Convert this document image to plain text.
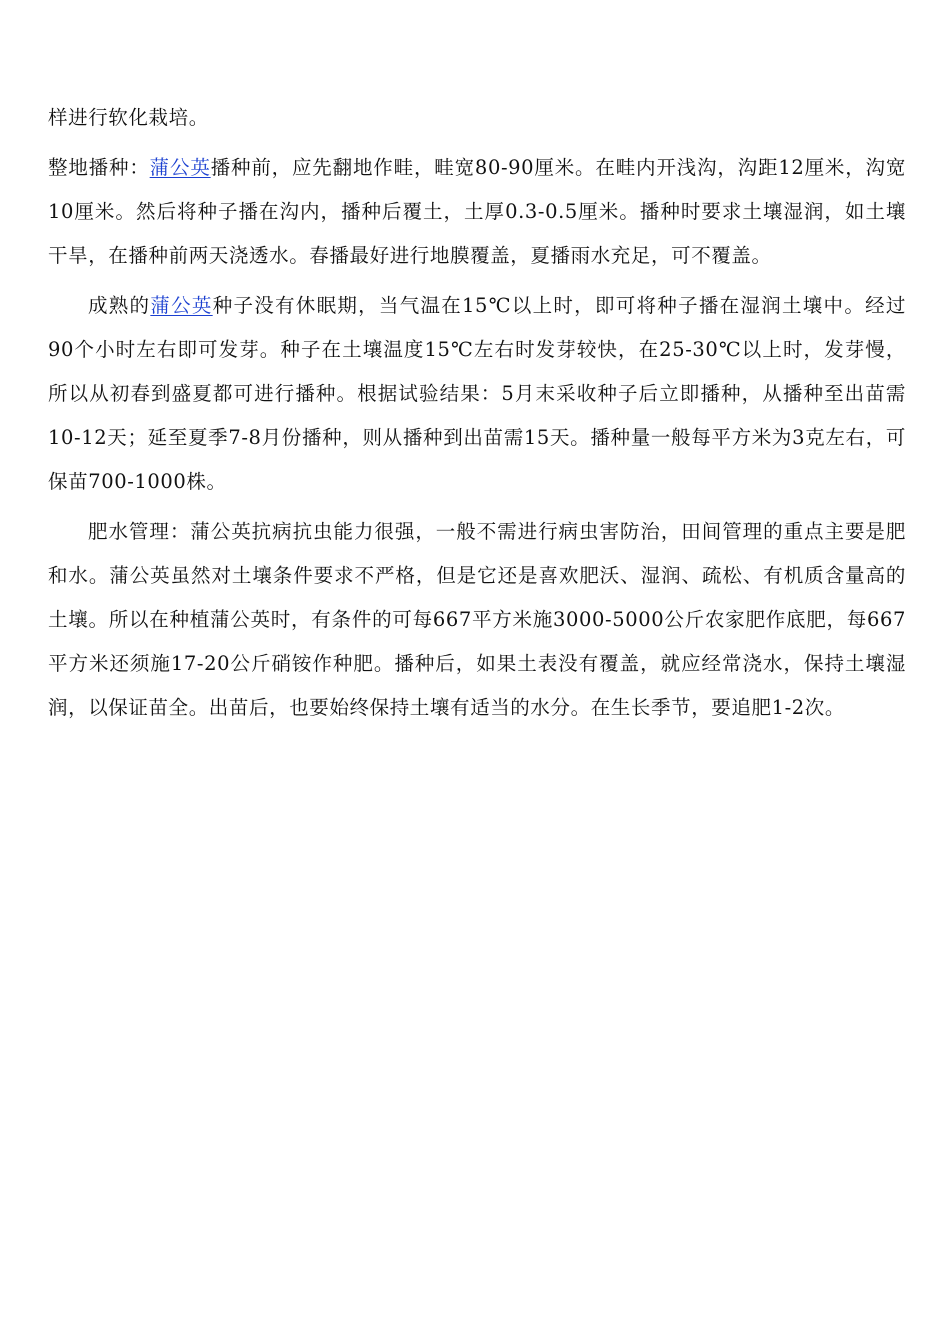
样进行软化栽培。

整地播种：蒲公英播种前，应先翻地作畦，畦宽80-90厘米。在畦内开浅沟，沟距12厘米，沟宽10厘米。然后将种子播在沟内，播种后覆土，土厚0.3-0.5厘米。播种时要求土壤湿润，如土壤干旱，在播种前两天浇透水。春播最好进行地膜覆盖，夏播雨水充足，可不覆盖。

成熟的蒲公英种子没有休眠期，当气温在15℃以上时，即可将种子播在湿润土壤中。经过90个小时左右即可发芽。种子在土壤温度15℃左右时发芽较快，在25-30℃以上时，发芽慢，所以从初春到盛夏都可进行播种。根据试验结果：5月末采收种子后立即播种，从播种至出苗需10-12天；延至夏季7-8月份播种，则从播种到出苗需15天。播种量一般每平方米为3克左右，可保苗700-1000株。

肥水管理：蒲公英抗病抗虫能力很强，一般不需进行病虫害防治，田间管理的重点主要是肥和水。蒲公英虽然对土壤条件要求不严格，但是它还是喜欢肥沃、湿润、疏松、有机质含量高的土壤。所以在种植蒲公英时，有条件的可每667平方米施3000-5000公斤农家肥作底肥，每667平方米还须施17-20公斤硝铵作种肥。播种后，如果土表没有覆盖，就应经常浇水，保持土壤湿润，以保证苗全。出苗后，也要始终保持土壤有适当的水分。在生长季节，要追肥1-2次。
